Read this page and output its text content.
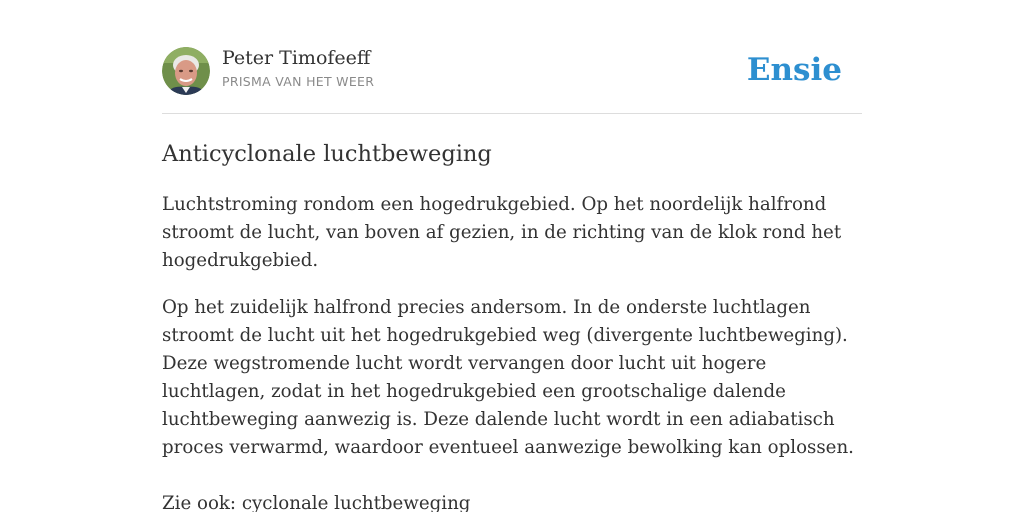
Peter Timofeeff
PRISMA VAN HET WEER	Ensie
Anticyclonale luchtbeweging

Luchtstroming rondom een hogedrukgebied. Op het noordelijk halfrond stroomt de lucht, van boven af gezien, in de richting van de klok rond het hogedrukgebied.

Op het zuidelijk halfrond precies andersom. In de onderste luchtlagen stroomt de lucht uit het hogedrukgebied weg (divergente luchtbeweging). Deze wegstromende lucht wordt vervangen door lucht uit hogere luchtlagen, zodat in het hogedrukgebied een grootschalige dalende luchtbeweging aanwezig is. Deze dalende lucht wordt in een adiabatisch proces verwarmd, waardoor eventueel aanwezige bewolking kan oplossen.

Zie ook: cyclonale luchtbeweging
